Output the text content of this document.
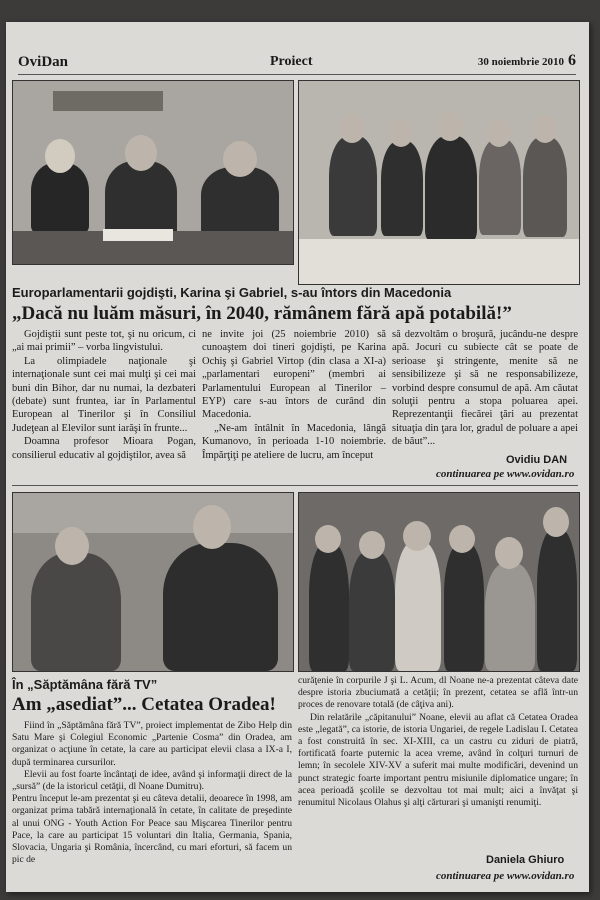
OviDan	Proiect	30 noiembrie 2010 6
Europarlamentarii gojdişti, Karina şi Gabriel, s-au întors din Macedonia
„Dacă nu luăm măsuri, în 2040, rămânem fără apă potabilă!”

Gojdiştii sunt peste tot, şi nu oricum, ci „ai mai primii” – vorba lingvistului.

La olimpiadele naţionale şi internaţionale sunt cei mai mulţi şi cei mai buni din Bihor, dar nu numai, la dezbateri (debate) sunt fruntea, iar în Parlamentul European al Tinerilor şi în Consiliul Judeţean al Elevilor sunt iarăşi în frunte...

Doamna profesor Mioara Pogan, consilierul educativ al gojdiştilor, avea să

ne invite joi (25 noiembrie 2010) să cunoaştem doi tineri gojdişti, pe Karina Ochiş şi Gabriel Virtop (din clasa a XI-a) „parlamentari europeni” (membri ai Parlamentului European al Tinerilor – EYP) care s-au întors de curând din Macedonia.

„Ne-am întâlnit în Macedonia, lângă Kumanovo, în perioada 1-10 noiembrie. Împărţiţi pe ateliere de lucru, am început

să dezvoltăm o broşură, jucându-ne despre apă. Jocuri cu subiecte cât se poate de serioase şi stringente, menite să ne sensibilizeze şi să ne responsabilizeze, vorbind despre consumul de apă. Am căutat soluţii pentru a stopa poluarea apei. Reprezentanţii fiecărei ţări au prezentat situaţia din ţara lor, gradul de poluare a apei de băut”...

Ovidiu DAN
continuarea pe www.ovidan.ro
În „Săptămâna fără TV”
Am „asediat”... Cetatea Oradea!

Fiind în „Săptămâna fără TV”, proiect implementat de Zibo Help din Satu Mare şi Colegiul Economic „Partenie Cosma” din Oradea, am organizat o acţiune în cetate, la care au participat elevii clasa a IX-a I, după terminarea cursurilor.

Elevii au fost foarte încântaţi de idee, având şi informaţii direct de la „sursă” (de la istoricul cetăţii, dl Noane Dumitru).

Pentru început le-am prezentat şi eu câteva detalii, deoarece în 1998, am organizat prima tabără internaţională în cetate, în calitate de preşedinte al unui ONG - Youth Action For Peace sau Mişcarea Tinerilor pentru Pace, la care au participat 15 voluntari din Italia, Germania, Spania, Slovacia, Ungaria şi România, încercând, cu mari eforturi, să facem un pic de

curăţenie în corpurile J şi L. Acum, dl Noane ne-a prezentat câteva date despre istoria zbuciumată a cetăţii; în prezent, cetatea se află într-un proces de renovare totală (de câţiva ani).

Din relatările „căpitanului” Noane, elevii au aflat că Cetatea Oradea este „legată”, ca istorie, de istoria Ungariei, de regele Ladislau I. Cetatea a fost construită în sec. XI-XIII, ca un castru cu ziduri de piatră, fortificată foarte puternic la acea vreme, având în colţuri turnuri de lemn; în secolele XIV-XV a suferit mai multe modificări, devenind un punct strategic foarte important pentru misiunile diplomatice ungare; în acea perioadă şcolile se dezvoltau tot mai mult; aici a învăţat şi renumitul Nicolaus Olahus şi alţi cărturari şi umanişti renumiţi.

Daniela Ghiuro
continuarea pe www.ovidan.ro
